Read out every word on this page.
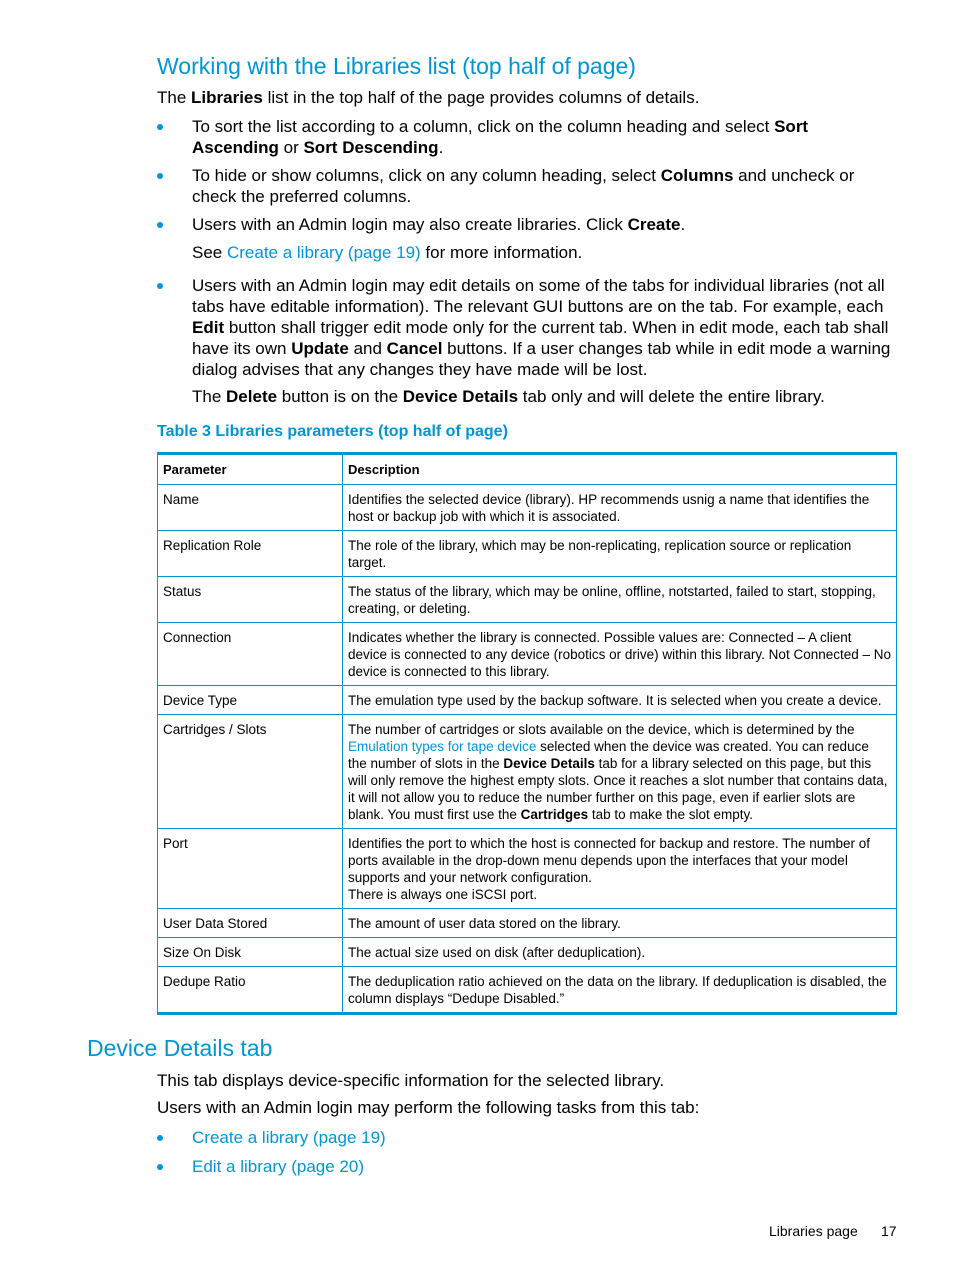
Working with the Libraries list (top half of page)
The Libraries list in the top half of the page provides columns of details.
To sort the list according to a column, click on the column heading and select Sort Ascending or Sort Descending.
To hide or show columns, click on any column heading, select Columns and uncheck or check the preferred columns.
Users with an Admin login may also create libraries. Click Create.
See Create a library (page 19) for more information.
Users with an Admin login may edit details on some of the tabs for individual libraries (not all tabs have editable information). The relevant GUI buttons are on the tab. For example, each Edit button shall trigger edit mode only for the current tab. When in edit mode, each tab shall have its own Update and Cancel buttons. If a user changes tab while in edit mode a warning dialog advises that any changes they have made will be lost.
The Delete button is on the Device Details tab only and will delete the entire library.
Table 3 Libraries parameters (top half of page)
Parameter	Description
Name	Identifies the selected device (library). HP recommends usnig a name that identifies the host or backup job with which it is associated.
Replication Role	The role of the library, which may be non-replicating, replication source or replication target.
Status	The status of the library, which may be online, offline, notstarted, failed to start, stopping, creating, or deleting.
Connection	Indicates whether the library is connected. Possible values are: Connected – A client device is connected to any device (robotics or drive) within this library. Not Connected – No device is connected to this library.
Device Type	The emulation type used by the backup software. It is selected when you create a device.
Cartridges / Slots	The number of cartridges or slots available on the device, which is determined by the Emulation types for tape device selected when the device was created. You can reduce the number of slots in the Device Details tab for a library selected on this page, but this will only remove the highest empty slots. Once it reaches a slot number that contains data, it will not allow you to reduce the number further on this page, even if earlier slots are blank. You must first use the Cartridges tab to make the slot empty.
Port	Identifies the port to which the host is connected for backup and restore. The number of ports available in the drop-down menu depends upon the interfaces that your model supports and your network configuration.
There is always one iSCSI port.

User Data Stored	The amount of user data stored on the library.
Size On Disk	The actual size used on disk (after deduplication).
Dedupe Ratio	The deduplication ratio achieved on the data on the library. If deduplication is disabled, the column displays “Dedupe Disabled.”
Device Details tab
This tab displays device-specific information for the selected library.
Users with an Admin login may perform the following tasks from this tab:
Create a library (page 19)
Edit a library (page 20)
Libraries page 17
